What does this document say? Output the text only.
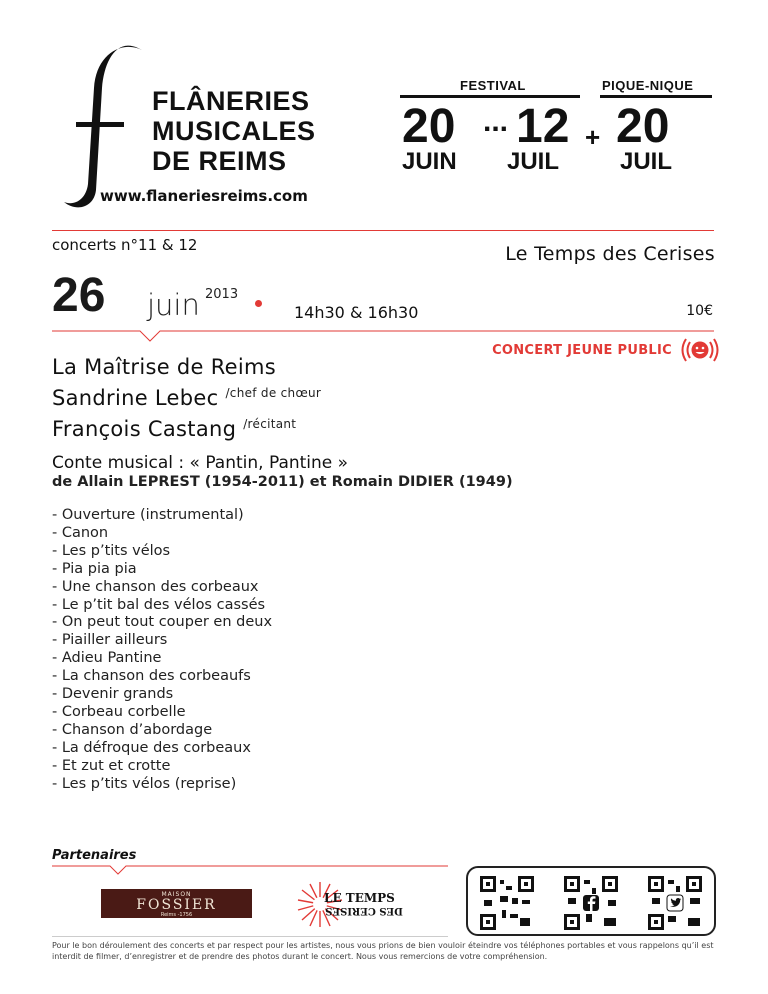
FLÂNERIES
MUSICALES
DE REIMS
www.flaneriesreims.com
FESTIVAL	PIQUE-NIQUE
20 ... 12 + 20
JUIN JUIL	JUIL
concerts n°11 & 12	Le Temps des Cerises
26 juin 2013
14h30 & 16h30	10€
CONCERT JEUNE PUBLIC
La Maîtrise de Reims
Sandrine Lebec $^{/chef de chœur}$
François Castang $^{/récitant}$
Conte musical : « Pantin, Pantine »
de Allain LEPREST (1954-2011) et Romain DIDIER (1949)
- Ouverture (instrumental)
- Canon
- Les p’tits vélos
- Pia pia pia
- Une chanson des corbeaux
- Le p’tit bal des vélos cassés
- On peut tout couper en deux
- Piailler ailleurs
- Adieu Pantine
- La chanson des corbeaufs
- Devenir grands
- Corbeau corbelle
- Chanson d’abordage
- La défroque des corbeaux
- Et zut et crotte
- Les p’tits vélos (reprise)
Partenaires
MAISON
FOSSIER
Reims -1756
LE TEMPS
DES CERISES
Pour le bon déroulement des concerts et par respect pour les artistes, nous vous prions de bien vouloir éteindre vos téléphones portables et vous rappelons qu’il est interdit de filmer, d’enregistrer et de prendre des photos durant le concert. Nous vous remercions de votre compréhension.
